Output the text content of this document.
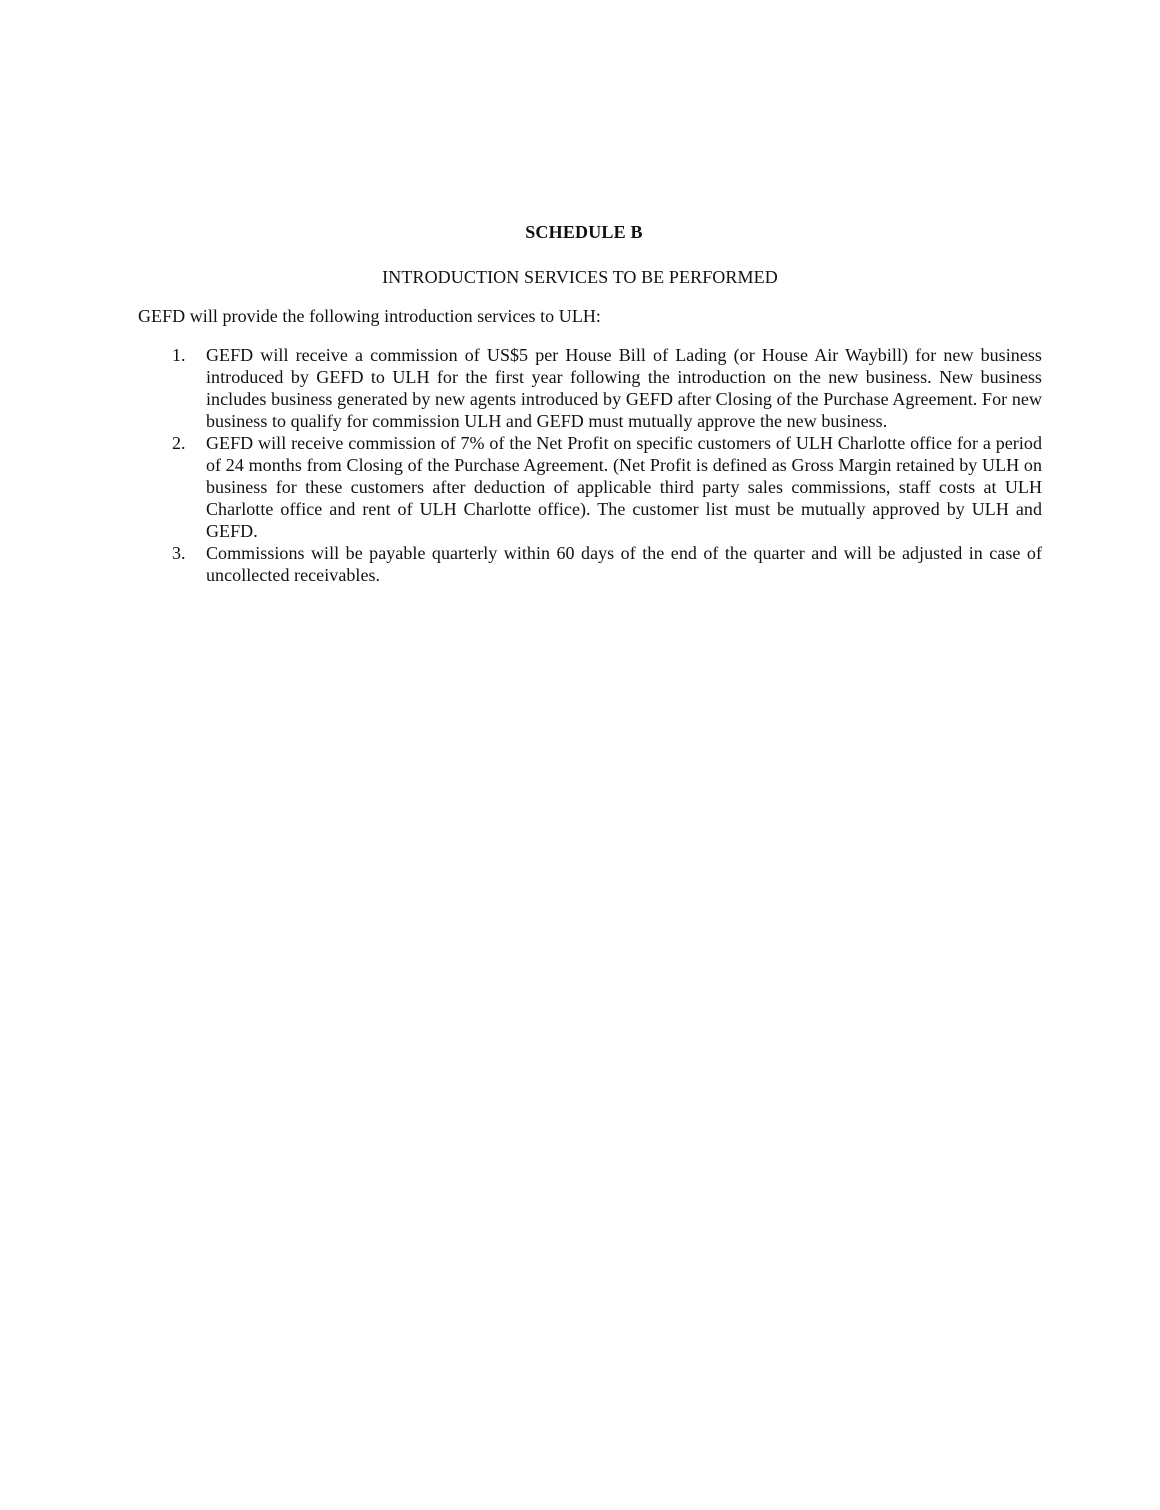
SCHEDULE B
INTRODUCTION SERVICES TO BE PERFORMED
GEFD will provide the following introduction services to ULH:
1.	GEFD will receive a commission of US$5 per House Bill of Lading (or House Air Waybill) for new business introduced by GEFD to ULH for the first year following the introduction on the new business. New business includes business generated by new agents introduced by GEFD after Closing of the Purchase Agreement. For new business to qualify for commission ULH and GEFD must mutually approve the new business.
2.	GEFD will receive commission of 7% of the Net Profit on specific customers of ULH Charlotte office for a period of 24 months from Closing of the Purchase Agreement. (Net Profit is defined as Gross Margin retained by ULH on business for these customers after deduction of applicable third party sales commissions, staff costs at ULH Charlotte office and rent of ULH Charlotte office). The customer list must be mutually approved by ULH and GEFD.
3.	Commissions will be payable quarterly within 60 days of the end of the quarter and will be adjusted in case of uncollected receivables.
